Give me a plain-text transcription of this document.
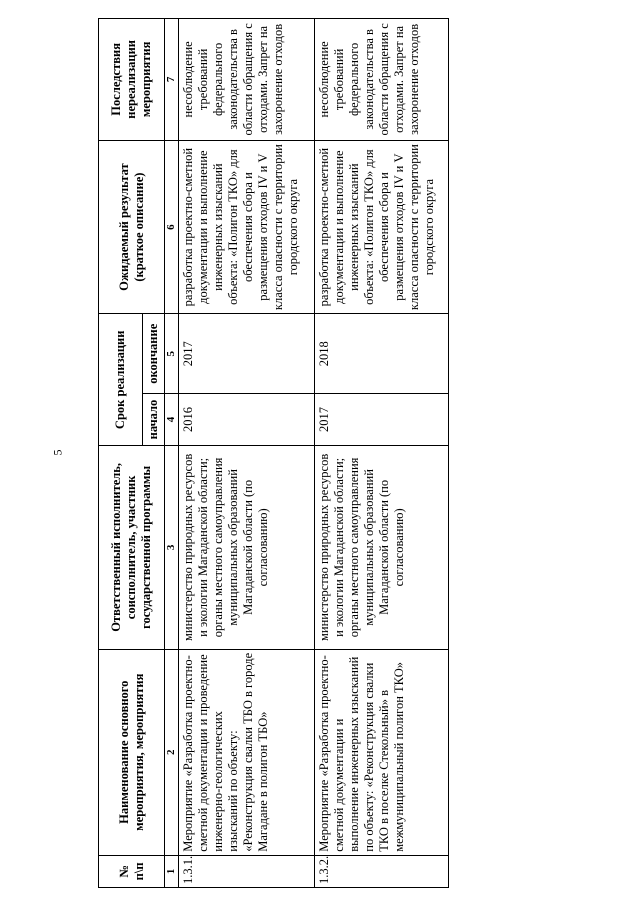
5
№ п\п	Наименование основного мероприятия, мероприятия	Ответственный исполнитель, соисполнитель, участник государственной программы	Срок реализации		Ожидаемый результат (краткое описание)	Последствия нереализации мероприятия
			начало	окончание		
1	2	3	4	5	6	7
1.3.1.	Мероприятие «Разработка проектно-сметной документации и проведение инженерно-геологических изысканий по объекту: «Реконструкция свалки ТБО в городе Магадане в полигон ТБО»	министерство природных ресурсов и экологии Магаданской области; органы местного самоуправления муниципальных образований Магаданской области (по согласованию)	2016	2017	разработка проектно-сметной документации и выполнение инженерных изысканий объекта: «Полигон ТКО» для обеспечения сбора и размещения отходов IV и V класса опасности с территории городского округа	несоблюдение требований федерального законодательства в области обращения с отходами. Запрет на захоронение отходов
1.3.2.	Мероприятие «Разработка проектно-сметной документации и выполнение инженерных изысканий по объекту: «Реконструкция свалки ТКО в поселке Стекольный» в межмуниципальный полигон ТКО»	министерство природных ресурсов и экологии Магаданской области; органы местного самоуправления муниципальных образований Магаданской области (по согласованию)	2017	2018	разработка проектно-сметной документации и выполнение инженерных изысканий объекта: «Полигон ТКО» для обеспечения сбора и размещения отходов IV и V класса опасности с территории городского округа	несоблюдение требований федерального законодательства в области обращения с отходами. Запрет на захоронение отходов
